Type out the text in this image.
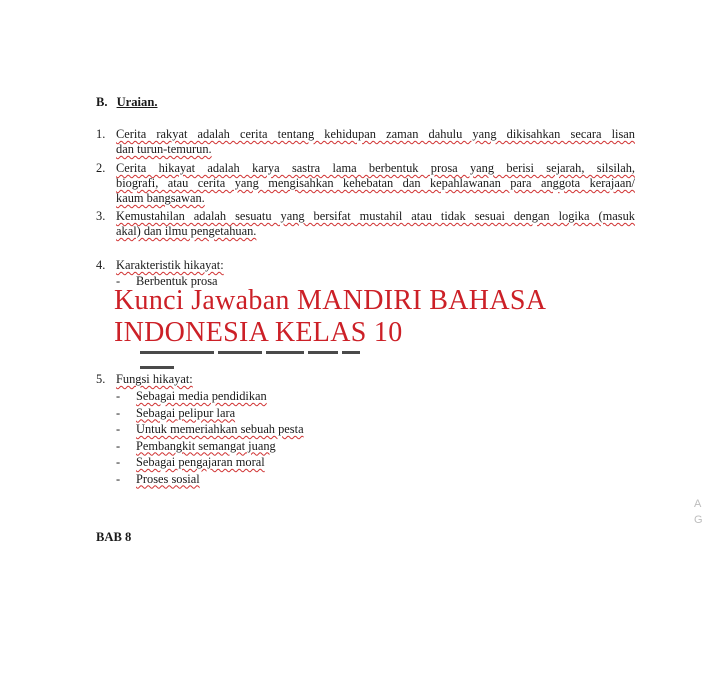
B. Uraian.
1. Cerita rakyat adalah cerita tentang kehidupan zaman dahulu yang dikisahkan secara lisan
dan turun-temurun.
2. Cerita hikayat adalah karya sastra lama berbentuk prosa yang berisi sejarah, silsilah,
biografi, atau cerita yang mengisahkan kehebatan dan kepahlawanan para anggota kerajaan/
kaum bangsawan.
3. Kemustahilan adalah sesuatu yang bersifat mustahil atau tidak sesuai dengan logika (masuk
akal) dan ilmu pengetahuan.
4. Karakteristik hikayat:
- Berbentuk prosa
Kunci Jawaban MANDIRI BAHASA
INDONESIA KELAS 10
5. Fungsi hikayat:
- Sebagai media pendidikan
- Sebagai pelipur lara
- Untuk memeriahkan sebuah pesta
- Pembangkit semangat juang
- Sebagai pengajaran moral
- Proses sosial
BAB 8
A
G
